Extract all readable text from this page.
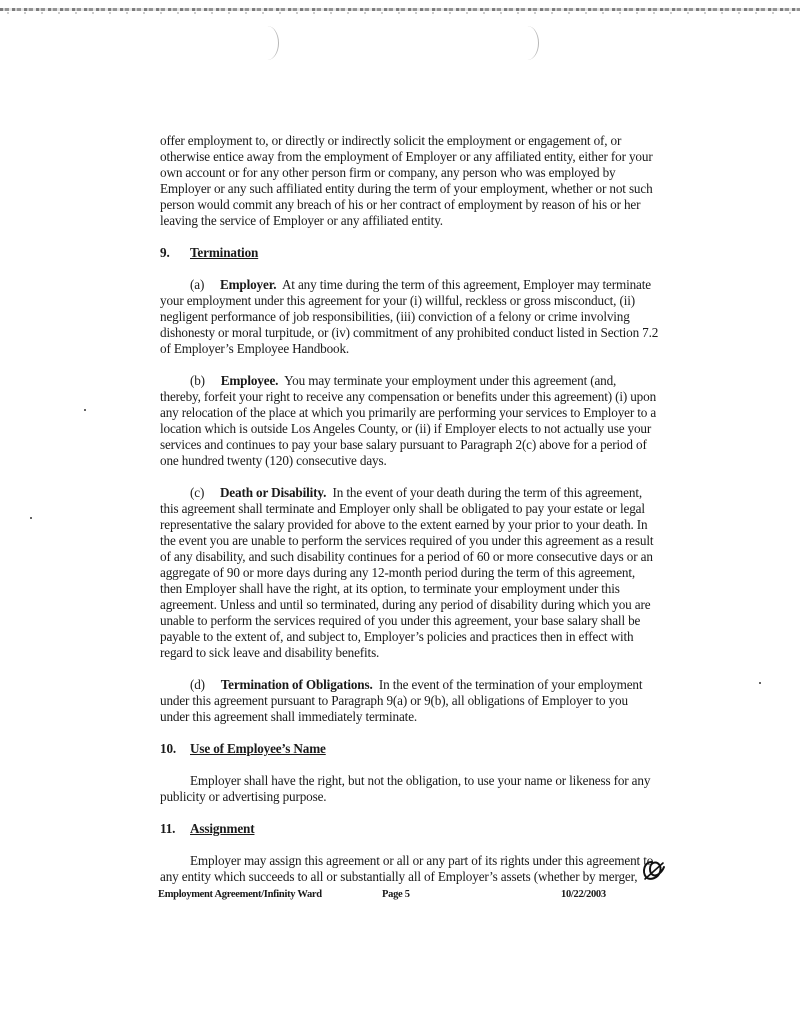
offer employment to, or directly or indirectly solicit the employment or engagement of, or otherwise entice away from the employment of Employer or any affiliated entity, either for your own account or for any other person firm or company, any person who was employed by Employer or any such affiliated entity during the term of your employment, whether or not such person would commit any breach of his or her contract of employment by reason of his or her leaving the service of Employer or any affiliated entity.

9. Termination

(a) Employer. At any time during the term of this agreement, Employer may terminate your employment under this agreement for your (i) willful, reckless or gross misconduct, (ii) negligent performance of job responsibilities, (iii) conviction of a felony or crime involving dishonesty or moral turpitude, or (iv) commitment of any prohibited conduct listed in Section 7.2 of Employer’s Employee Handbook.

(b) Employee. You may terminate your employment under this agreement (and, thereby, forfeit your right to receive any compensation or benefits under this agreement) (i) upon any relocation of the place at which you primarily are performing your services to Employer to a location which is outside Los Angeles County, or (ii) if Employer elects to not actually use your services and continues to pay your base salary pursuant to Paragraph 2(c) above for a period of one hundred twenty (120) consecutive days.

(c) Death or Disability. In the event of your death during the term of this agreement, this agreement shall terminate and Employer only shall be obligated to pay your estate or legal representative the salary provided for above to the extent earned by your prior to your death. In the event you are unable to perform the services required of you under this agreement as a result of any disability, and such disability continues for a period of 60 or more consecutive days or an aggregate of 90 or more days during any 12-month period during the term of this agreement, then Employer shall have the right, at its option, to terminate your employment under this agreement. Unless and until so terminated, during any period of disability during which you are unable to perform the services required of you under this agreement, your base salary shall be payable to the extent of, and subject to, Employer’s policies and practices then in effect with regard to sick leave and disability benefits.

(d) Termination of Obligations. In the event of the termination of your employment under this agreement pursuant to Paragraph 9(a) or 9(b), all obligations of Employer to you under this agreement shall immediately terminate.

10. Use of Employee’s Name

Employer shall have the right, but not the obligation, to use your name or likeness for any publicity or advertising purpose.

11. Assignment

Employer may assign this agreement or all or any part of its rights under this agreement to any entity which succeeds to all or substantially all of Employer’s assets (whether by merger,

Employment Agreement/Infinity Ward	Page 5	10/22/2003
